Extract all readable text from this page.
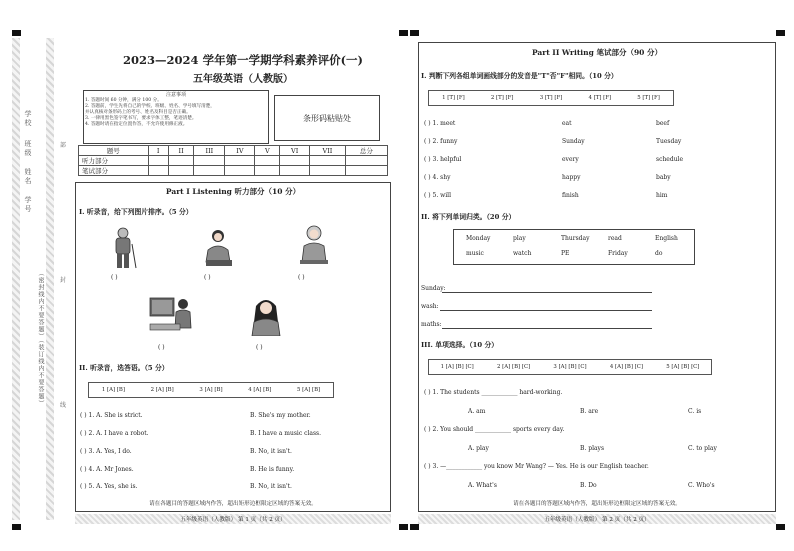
学 校
班 级
姓 名
学 号
部
封
线
（密封线内不要答题）（装订线内不要答题）
2023—2024 学年第一学期学科素养评价(一)
五年级英语（人教版）
注意事项
1. 答题时间 60 分钟，满分 100 分。
2. 答题前，学生先将自己的学校、班级、姓名、学号填写清楚，
并认真核对条形码上的考号、姓名及科目是否正确。
3. 一律用黑色签字笔书写，要求字体工整，笔迹清楚。
4. 答题时请在指定位置作答，不允许使用修正液。
条形码粘贴处
题号	I	II	III	IV	V	VI	VII	总分
听力部分								
笔试部分								
Part I Listening 听力部分（10 分）
I. 听录音，给下列图片排序。（5 分）
( )	( )	( )
( )	( )
II. 听录音，选答语。（5 分）
1 [A] [B]	2 [A] [B]	3 [A] [B]	4 [A] [B]	5 [A] [B]
( ) 1. A. She is strict.	B. She's my mother.
( ) 2. A. I have a robot.	B. I have a music class.
( ) 3. A. Yes, I do.	B. No, it isn't.
( ) 4. A. Mr Jones.	B. He is funny.
( ) 5. A. Yes, she is.	B. No, it isn't.
请在各题目的答题区域内作答，超出矩形边框限定区域的答案无效。
五年级英语（人教版） 第 1 页（共 2 页）
Part II Writing 笔试部分（90 分）
I. 判断下列各组单词画线部分的发音是"T"否"F"相同。（10 分）
1 [T] [F]	2 [T] [F]	3 [T] [F]	4 [T] [F]	5 [T] [F]
( ) 1. meet	eat	beef
( ) 2. funny	Sunday	Tuesday
( ) 3. helpful	every	schedule
( ) 4. shy	happy	baby
( ) 5. will	finish	him
II. 将下列单词归类。（20 分）
Monday	play	Thursday	read	English
music	watch	PE	Friday	do
Sunday:
wash:
maths:
III. 单项选择。（10 分）
1 [A] [B] [C]	2 [A] [B] [C]	3 [A] [B] [C]	4 [A] [B] [C]	5 [A] [B] [C]
( ) 1. The students ____________ hard-working.
A. am	B. are	C. is
( ) 2. You should ____________ sports every day.
A. play	B. plays	C. to play
( ) 3. —____________ you know Mr Wang? — Yes. He is our English teacher.
A. What's	B. Do	C. Who's
请在各题目的答题区域内作答，超出矩形边框限定区域的答案无效。
五年级英语（人教版） 第 2 页（共 2 页）
